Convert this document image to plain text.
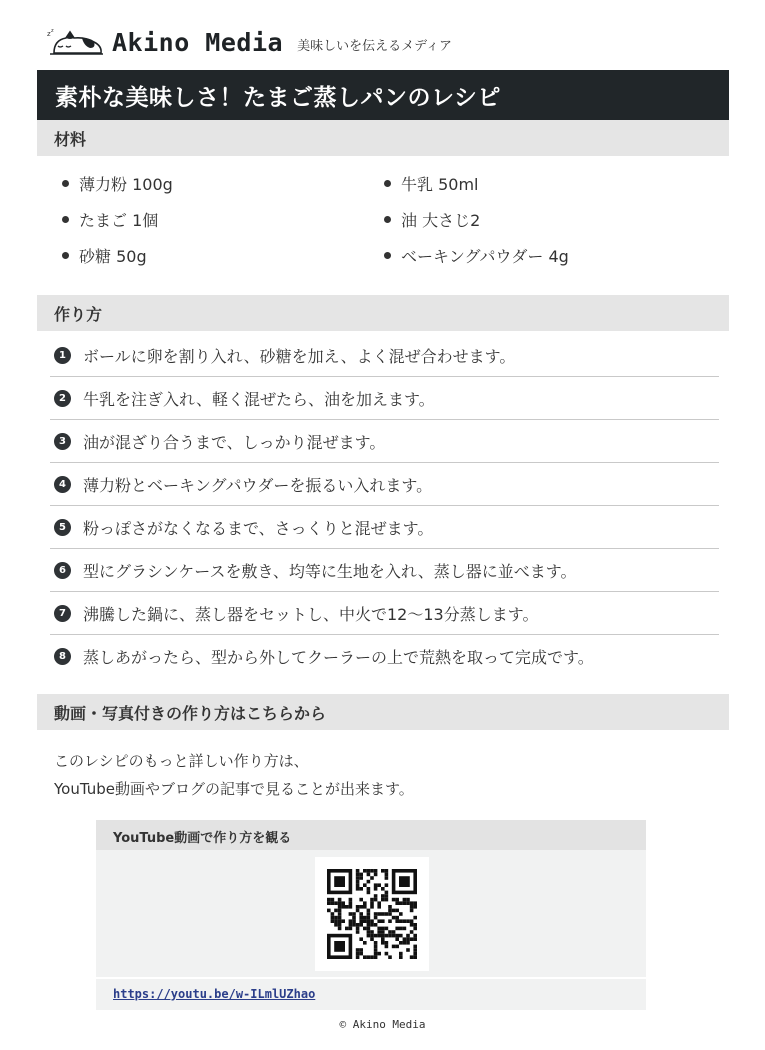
z z Akino Media 美味しいを伝えるメディア
素朴な美味しさ！たまご蒸しパンのレシピ
材料
薄力粉 100g
たまご 1個
砂糖 50g
牛乳 50ml
油 大さじ2
ベーキングパウダー 4g
作り方
1	ボールに卵を割り入れ、砂糖を加え、よく混ぜ合わせます。
2	牛乳を注ぎ入れ、軽く混ぜたら、油を加えます。
3	油が混ざり合うまで、しっかり混ぜます。
4	薄力粉とベーキングパウダーを振るい入れます。
5	粉っぽさがなくなるまで、さっくりと混ぜます。
6	型にグラシンケースを敷き、均等に生地を入れ、蒸し器に並べます。
7	沸騰した鍋に、蒸し器をセットし、中火で12〜13分蒸します。
8	蒸しあがったら、型から外してクーラーの上で荒熱を取って完成です。
動画・写真付きの作り方はこちらから
このレシピのもっと詳しい作り方は、
YouTube動画やブログの記事で見ることが出来ます。
YouTube動画で作り方を観る
https://youtu.be/w-ILmlUZhao
© Akino Media
